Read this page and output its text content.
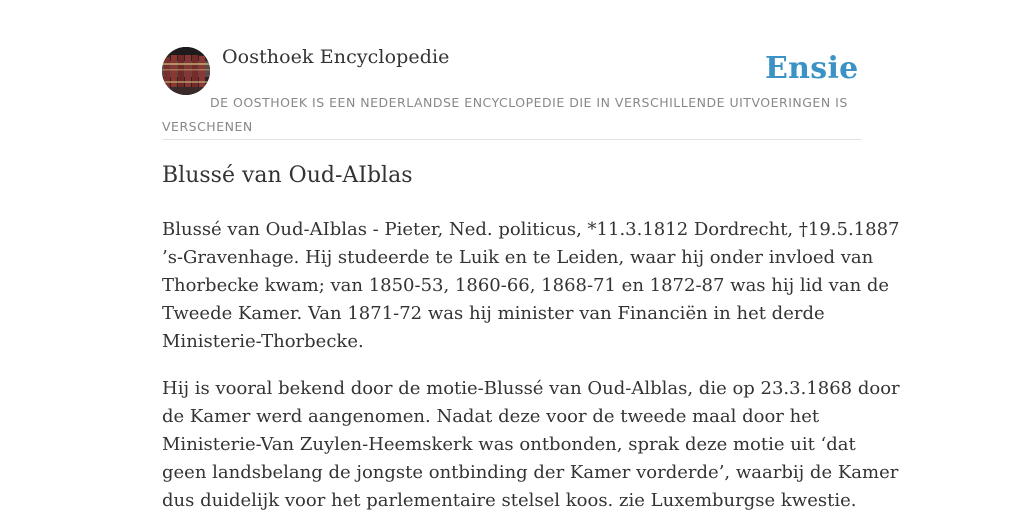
Oosthoek Encyclopedie	Ensie

DE OOSTHOEK IS EEN NEDERLANDSE ENCYCLOPEDIE DIE IN VERSCHILLENDE UITVOERINGEN IS VERSCHENEN

Blussé van Oud-AIblas

Blussé van Oud-AIblas - Pieter, Ned. politicus, *11.3.1812 Dordrecht, †19.5.1887
’s-Gravenhage. Hij studeerde te Luik en te Leiden, waar hij onder invloed van
Thorbecke kwam; van 1850-53, 1860-66, 1868-71 en 1872-87 was hij lid van de
Tweede Kamer. Van 1871-72 was hij minister van Financiën in het derde
Ministerie-Thorbecke.

Hij is vooral bekend door de motie-Blussé van Oud-Alblas, die op 23.3.1868 door
de Kamer werd aangenomen. Nadat deze voor de tweede maal door het
Ministerie-Van Zuylen-Heemskerk was ontbonden, sprak deze motie uit ‘dat
geen landsbelang de jongste ontbinding der Kamer vorderde’, waarbij de Kamer
dus duidelijk voor het parlementaire stelsel koos. zie Luxemburgse kwestie.
